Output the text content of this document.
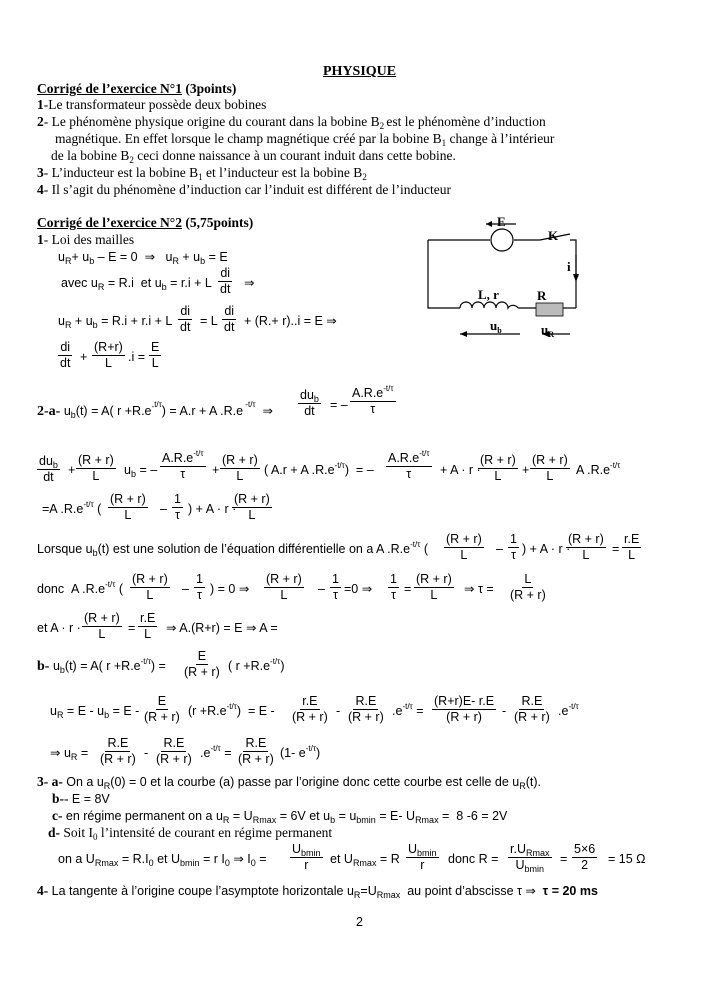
PHYSIQUE
Corrigé de l’exercice N°1 (3points)
1-Le transformateur possède deux bobines
2- Le phénomène physique origine du courant dans la bobine $B_2$ est le phénomène d’induction
magnétique. En effet lorsque le champ magnétique créé par la bobine $B_1$ change à l’intérieur
de la bobine $B_2$ ceci donne naissance à un courant induit dans cette bobine.
3- L’inducteur est la bobine $B_1$ et l’inducteur est la bobine $B_2$
4- Il s’agit du phénomène d’induction car l’induit est différent de l’inducteur
Corrigé de l’exercice N°2 (5,75points)
1- Loi des mailles
$u_R+ u_b - E = 0$  ⇒   $u_R + u_b = E$
avec $u_R = R.i$  et $u_b = r.i + L$
di
dt ⇒
$u_R + u_b = R.i + r.i + L$
di
dt = L
di
dt + (R.+ r)..i = E ⇒
di
dt +
(R+r)
L .i =
E
L
E
K
i
L, r	R
$u_b$	$u_R$
2-a- $u_b(t) = A$( $r +R.e^{-t/\tau}) = A.r + A$ .R.e $^{-t/\tau}$  ⇒
$du_b$
dt = –
$A.R.e^{-t/\tau}$
τ
$du_b$
dt +
(R + r)
L $u_b$ = –
$A.R.e^{-t/\tau}$
τ +
(R + r)
L ( A.r + A $.R.e^{-t/\tau}$)  = –
$A.R.e^{-t/\tau}$
τ + A · r ·
(R + r)
L +
(R + r)
L A $.R.e^{-t/\tau}$
=A $.R.e^{-t/\tau}$ (
(R + r)
L –
1
τ ) + A · r ·
(R + r)
L
Lorsque $u_b(t)$ est une solution de l’équation différentielle on a A $.R.e^{-t/\tau}$ (
(R + r)
L –
1
τ ) + A · r ·
(R + r)
L =
r.E
L
donc  A $.R.e^{-t/\tau}$ (
(R + r)
L –
1
τ ) = 0 ⇒
(R + r)
L –
1
τ =0 ⇒
1
τ =
(R + r)
L ⇒ τ =
L
(R + r)
et A · r ·
(R + r)
L =
r.E
L ⇒ A.(R+r) = E ⇒ A =
b- $u_b(t) = A$( $r +R.e^{-t/\tau}$) =
E
(R + r) ( $r +R.e^{-t/\tau}$)
$u_R = E - u_b = E$ -
E
(R + r) $(r +R.e^{-t/\tau}) = E$ -
r.E
(R + r) -
R.E
(R + r) $.e^{-t/\tau}$ =
(R+r)E- r.E
(R + r) -
R.E
(R + r) $.e^{-t/\tau}$
⇒ $u_R$ =
R.E
(R + r) -
R.E
(R + r) $.e^{-t/\tau}$ =
R.E
(R + r) (1- $e^{-t/\tau}$)
3- a- On a $u_R(0) = 0$ et la courbe (a) passe par l’origine donc cette courbe est celle de $u_R(t)$.
b-- E = 8V
c- en régime permanent on a $u_R = U_{Rmax} = 6V$ et $u_b = u_{bmin} = E-$ $U_{Rmax} = 8$ -6 = 2V
d- Soit $I_0$ l’intensité de courant en régime permanent
on a $U_{Rmax} = R.I_0$ et $U_{bmin} = r$ $I_0$ ⇒ $I_0$ =
$U_{bmin}$
r et $U_{Rmax} = R$
$U_{bmin}$
r donc R =
$r.U_{Rmax}$
$U_{bmin}$
=
5×6
2 = 15 Ω
4- La tangente à l’origine coupe l’asymptote horizontale $u_R=U_{Rmax}$  au point d’abscisse τ ⇒ τ = 20 ms
2
